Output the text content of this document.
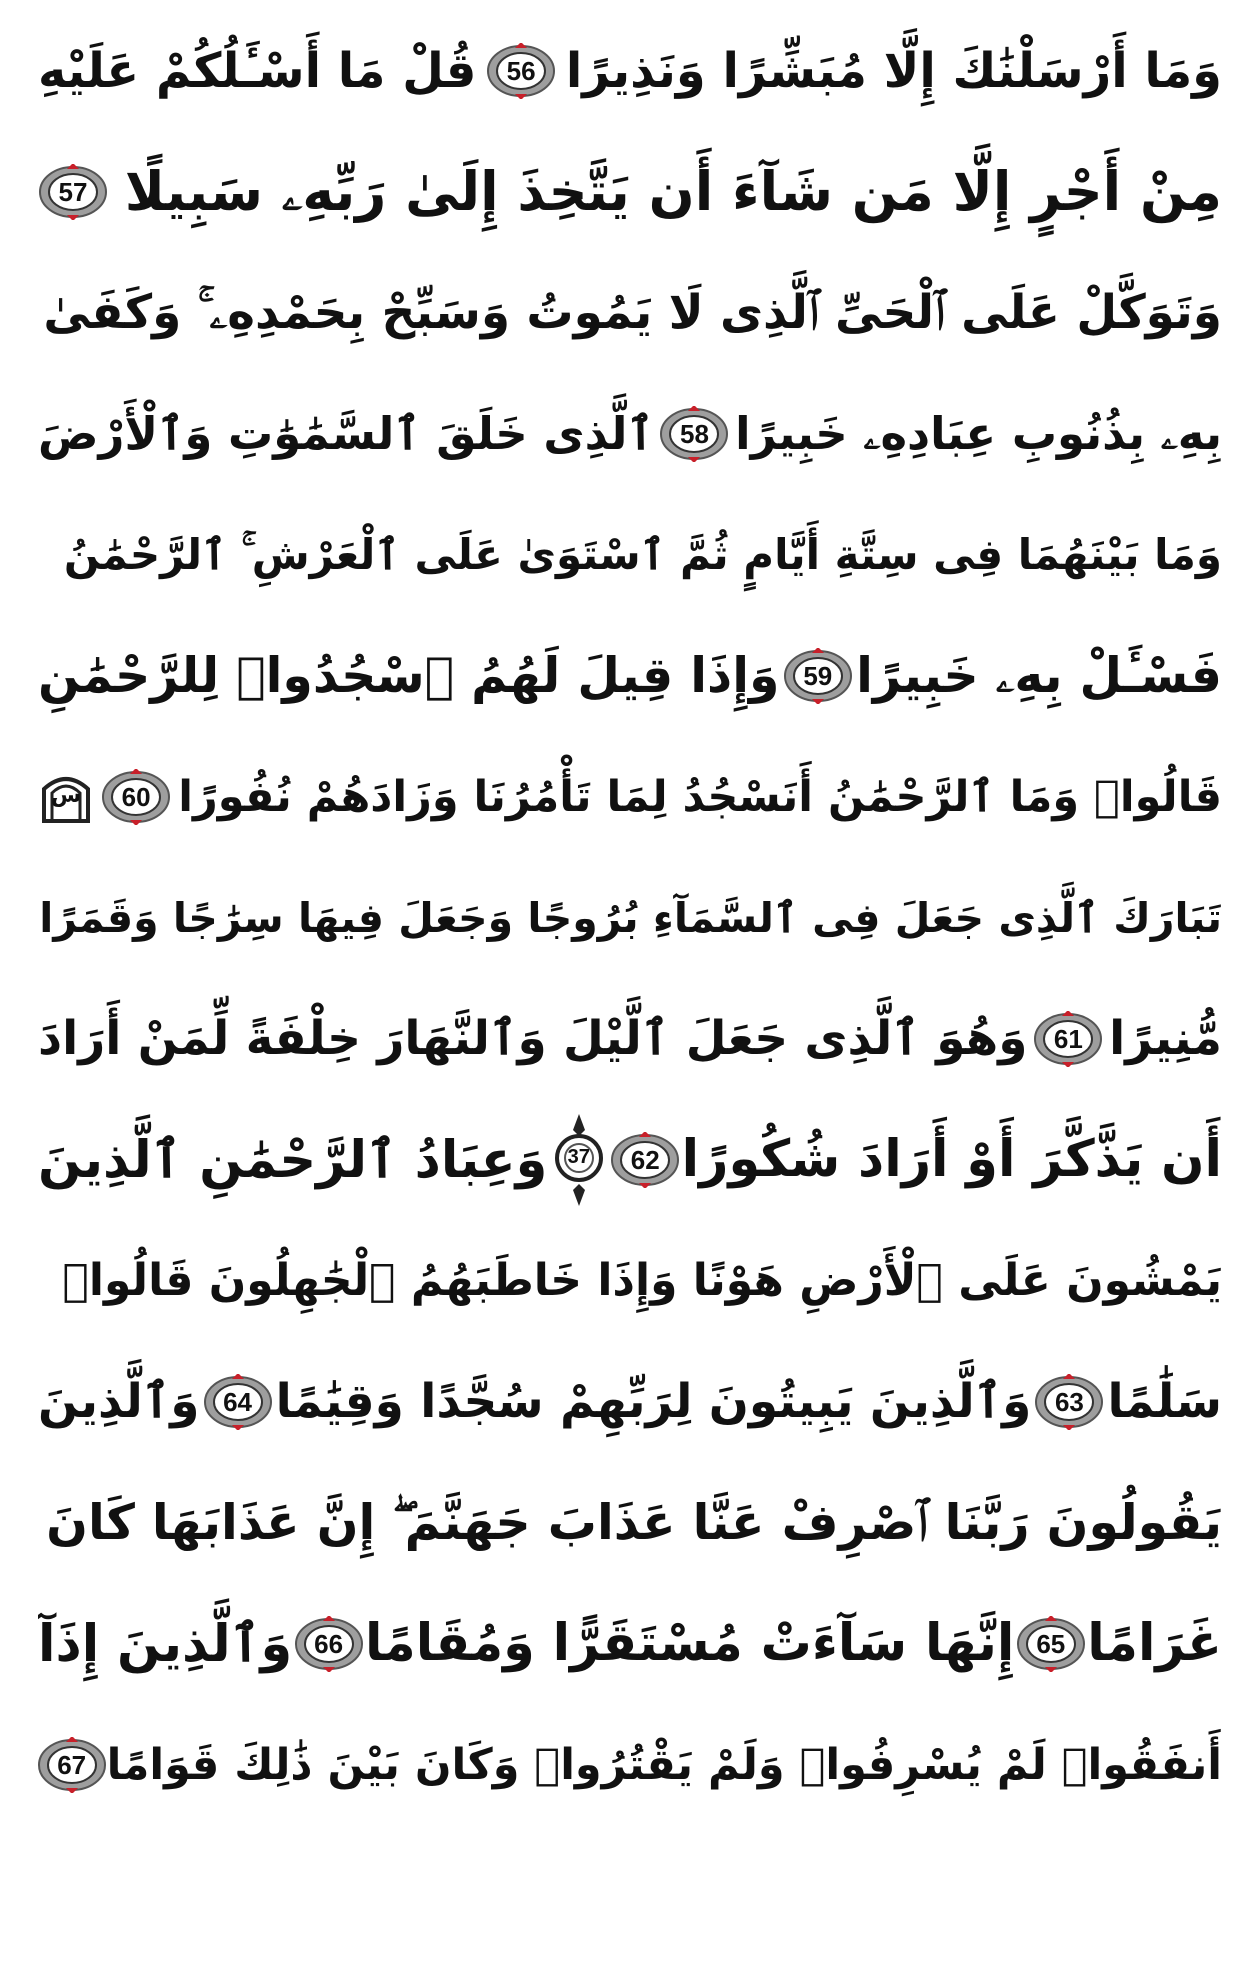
وَمَا أَرْسَلْنَٰكَ إِلَّا مُبَشِّرًا وَنَذِيرًا
56
قُلْ مَا أَسْـَٔلُكُمْ عَلَيْهِ
مِنْ أَجْرٍ إِلَّا مَن شَآءَ أَن يَتَّخِذَ إِلَىٰ رَبِّهِۦ سَبِيلًا
57
وَتَوَكَّلْ عَلَى ٱلْحَىِّ ٱلَّذِى لَا يَمُوتُ وَسَبِّحْ بِحَمْدِهِۦ ۚ وَكَفَىٰ
بِهِۦ بِذُنُوبِ عِبَادِهِۦ خَبِيرًا
58
ٱلَّذِى خَلَقَ ٱلسَّمَٰوَٰتِ وَٱلْأَرْضَ
وَمَا بَيْنَهُمَا فِى سِتَّةِ أَيَّامٍ ثُمَّ ٱسْتَوَىٰ عَلَى ٱلْعَرْشِ ۚ ٱلرَّحْمَٰنُ
فَسْـَٔلْ بِهِۦ خَبِيرًا
59
وَإِذَا قِيلَ لَهُمُ ٱسْجُدُوا۟ لِلرَّحْمَٰنِ
قَالُوا۟ وَمَا ٱلرَّحْمَٰنُ أَنَسْجُدُ لِمَا تَأْمُرُنَا وَزَادَهُمْ نُفُورًا
60
س
تَبَارَكَ ٱلَّذِى جَعَلَ فِى ٱلسَّمَآءِ بُرُوجًا وَجَعَلَ فِيهَا سِرَٰجًا وَقَمَرًا
مُّنِيرًا
61
وَهُوَ ٱلَّذِى جَعَلَ ٱلَّيْلَ وَٱلنَّهَارَ خِلْفَةً لِّمَنْ أَرَادَ
أَن يَذَّكَّرَ أَوْ أَرَادَ شُكُورًا
62
37
وَعِبَادُ ٱلرَّحْمَٰنِ ٱلَّذِينَ
يَمْشُونَ عَلَى ٱلْأَرْضِ هَوْنًا وَإِذَا خَاطَبَهُمُ ٱلْجَٰهِلُونَ قَالُوا۟
سَلَٰمًا
63
وَٱلَّذِينَ يَبِيتُونَ لِرَبِّهِمْ سُجَّدًا وَقِيَٰمًا
64
وَٱلَّذِينَ
يَقُولُونَ رَبَّنَا ٱصْرِفْ عَنَّا عَذَابَ جَهَنَّمَ ۖ إِنَّ عَذَابَهَا كَانَ
غَرَامًا
65
إِنَّهَا سَآءَتْ مُسْتَقَرًّا وَمُقَامًا
66
وَٱلَّذِينَ إِذَآ
أَنفَقُوا۟ لَمْ يُسْرِفُوا۟ وَلَمْ يَقْتُرُوا۟ وَكَانَ بَيْنَ ذَٰلِكَ قَوَامًا
67
